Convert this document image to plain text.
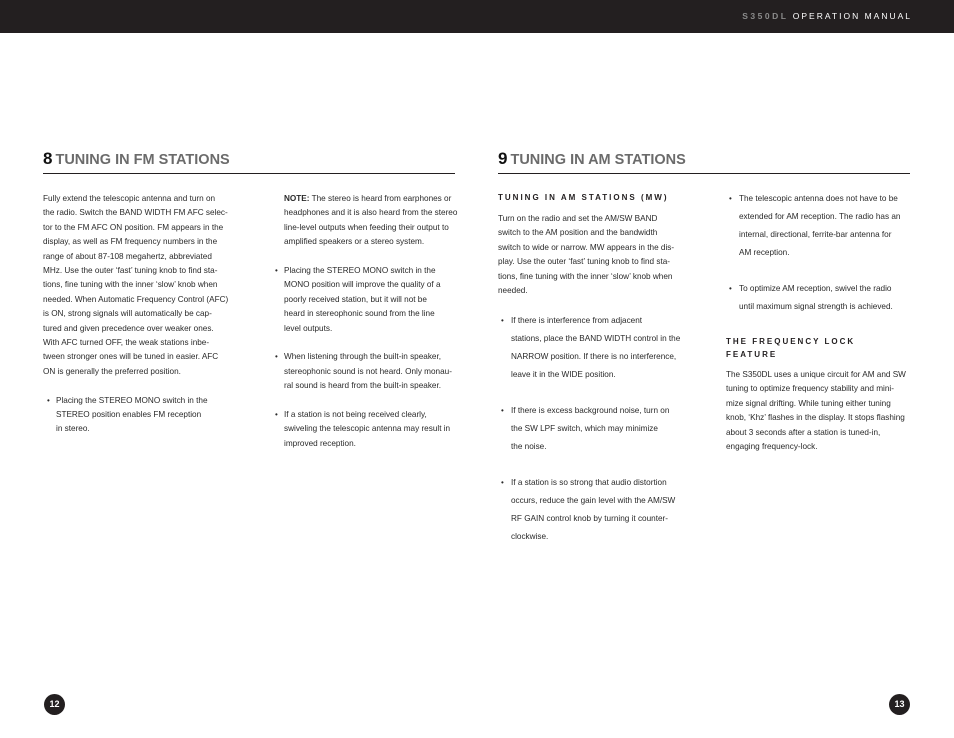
S350DL OPERATION MANUAL
8 TUNING IN FM STATIONS

Fully extend the telescopic antenna and turn on
the radio. Switch the BAND WIDTH FM AFC selec-
tor to the FM AFC ON position. FM appears in the
display, as well as FM frequency numbers in the
range of about 87-108 megahertz, abbreviated
MHz. Use the outer ‘fast’ tuning knob to find sta-
tions, fine tuning with the inner ‘slow’ knob when
needed. When Automatic Frequency Control (AFC)
is ON, strong signals will automatically be cap-
tured and given precedence over weaker ones.
With AFC turned OFF, the weak stations inbe-
tween stronger ones will be tuned in easier. AFC
ON is generally the preferred position.

• Placing the STEREO MONO switch in the
STEREO position enables FM reception
in stereo.

NOTE: The stereo is heard from earphones or
headphones and it is also heard from the stereo
line-level outputs when feeding their output to
amplified speakers or a stereo system.

• Placing the STEREO MONO switch in the
MONO position will improve the quality of a
poorly received station, but it will not be
heard in stereophonic sound from the line
level outputs.

• When listening through the built-in speaker,
stereophonic sound is not heard. Only monau-
ral sound is heard from the built-in speaker.

• If a station is not being received clearly,
swiveling the telescopic antenna may result in
improved reception.

12
9 TUNING IN AM STATIONS
TUNING IN AM STATIONS (MW)

Turn on the radio and set the AM/SW BAND
switch to the AM position and the bandwidth
switch to wide or narrow. MW appears in the dis-
play. Use the outer ‘fast’ tuning knob to find sta-
tions, fine tuning with the inner ‘slow’ knob when
needed.

• If there is interference from adjacent
stations, place the BAND WIDTH control in the
NARROW position. If there is no interference,
leave it in the WIDE position.

• If there is excess background noise, turn on
the SW LPF switch, which may minimize
the noise.

• If a station is so strong that audio distortion
occurs, reduce the gain level with the AM/SW
RF GAIN control knob by turning it counter-
clockwise.

• The telescopic antenna does not have to be
extended for AM reception. The radio has an
internal, directional, ferrite-bar antenna for
AM reception.

• To optimize AM reception, swivel the radio
until maximum signal strength is achieved.

THE FREQUENCY LOCK
FEATURE

The S350DL uses a unique circuit for AM and SW
tuning to optimize frequency stability and mini-
mize signal drifting. While tuning either tuning
knob, ‘Khz’ flashes in the display. It stops flashing
about 3 seconds after a station is tuned-in,
engaging frequency-lock.

13
